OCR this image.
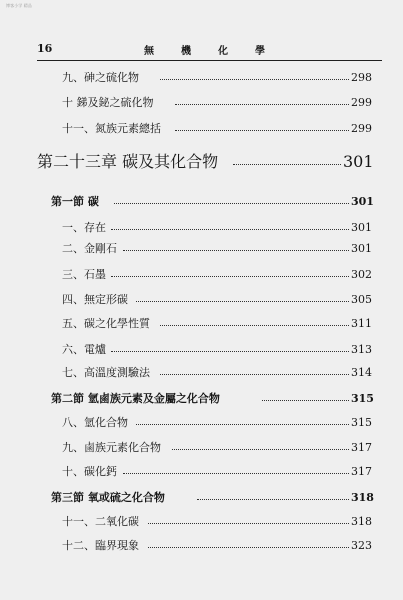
博客小学 精品
16	無機化學
九、砷之硫化物	298
十 銻及鉍之硫化物	299
十一、氮族元素總括	299
第二十三章 碳及其化合物	301
第一節 碳	301
一、存在	301
二、金剛石	301
三、石墨	302
四、無定形碳	305
五、碳之化學性質	311
六、電爐	313
七、高溫度測驗法	314
第二節 氫鹵族元素及金屬之化合物	315
八、氫化合物	315
九、鹵族元素化合物	317
十、碳化鈣	317
第三節 氧或硫之化合物	318
十一、二氧化碳	318
十二、臨界現象	323
